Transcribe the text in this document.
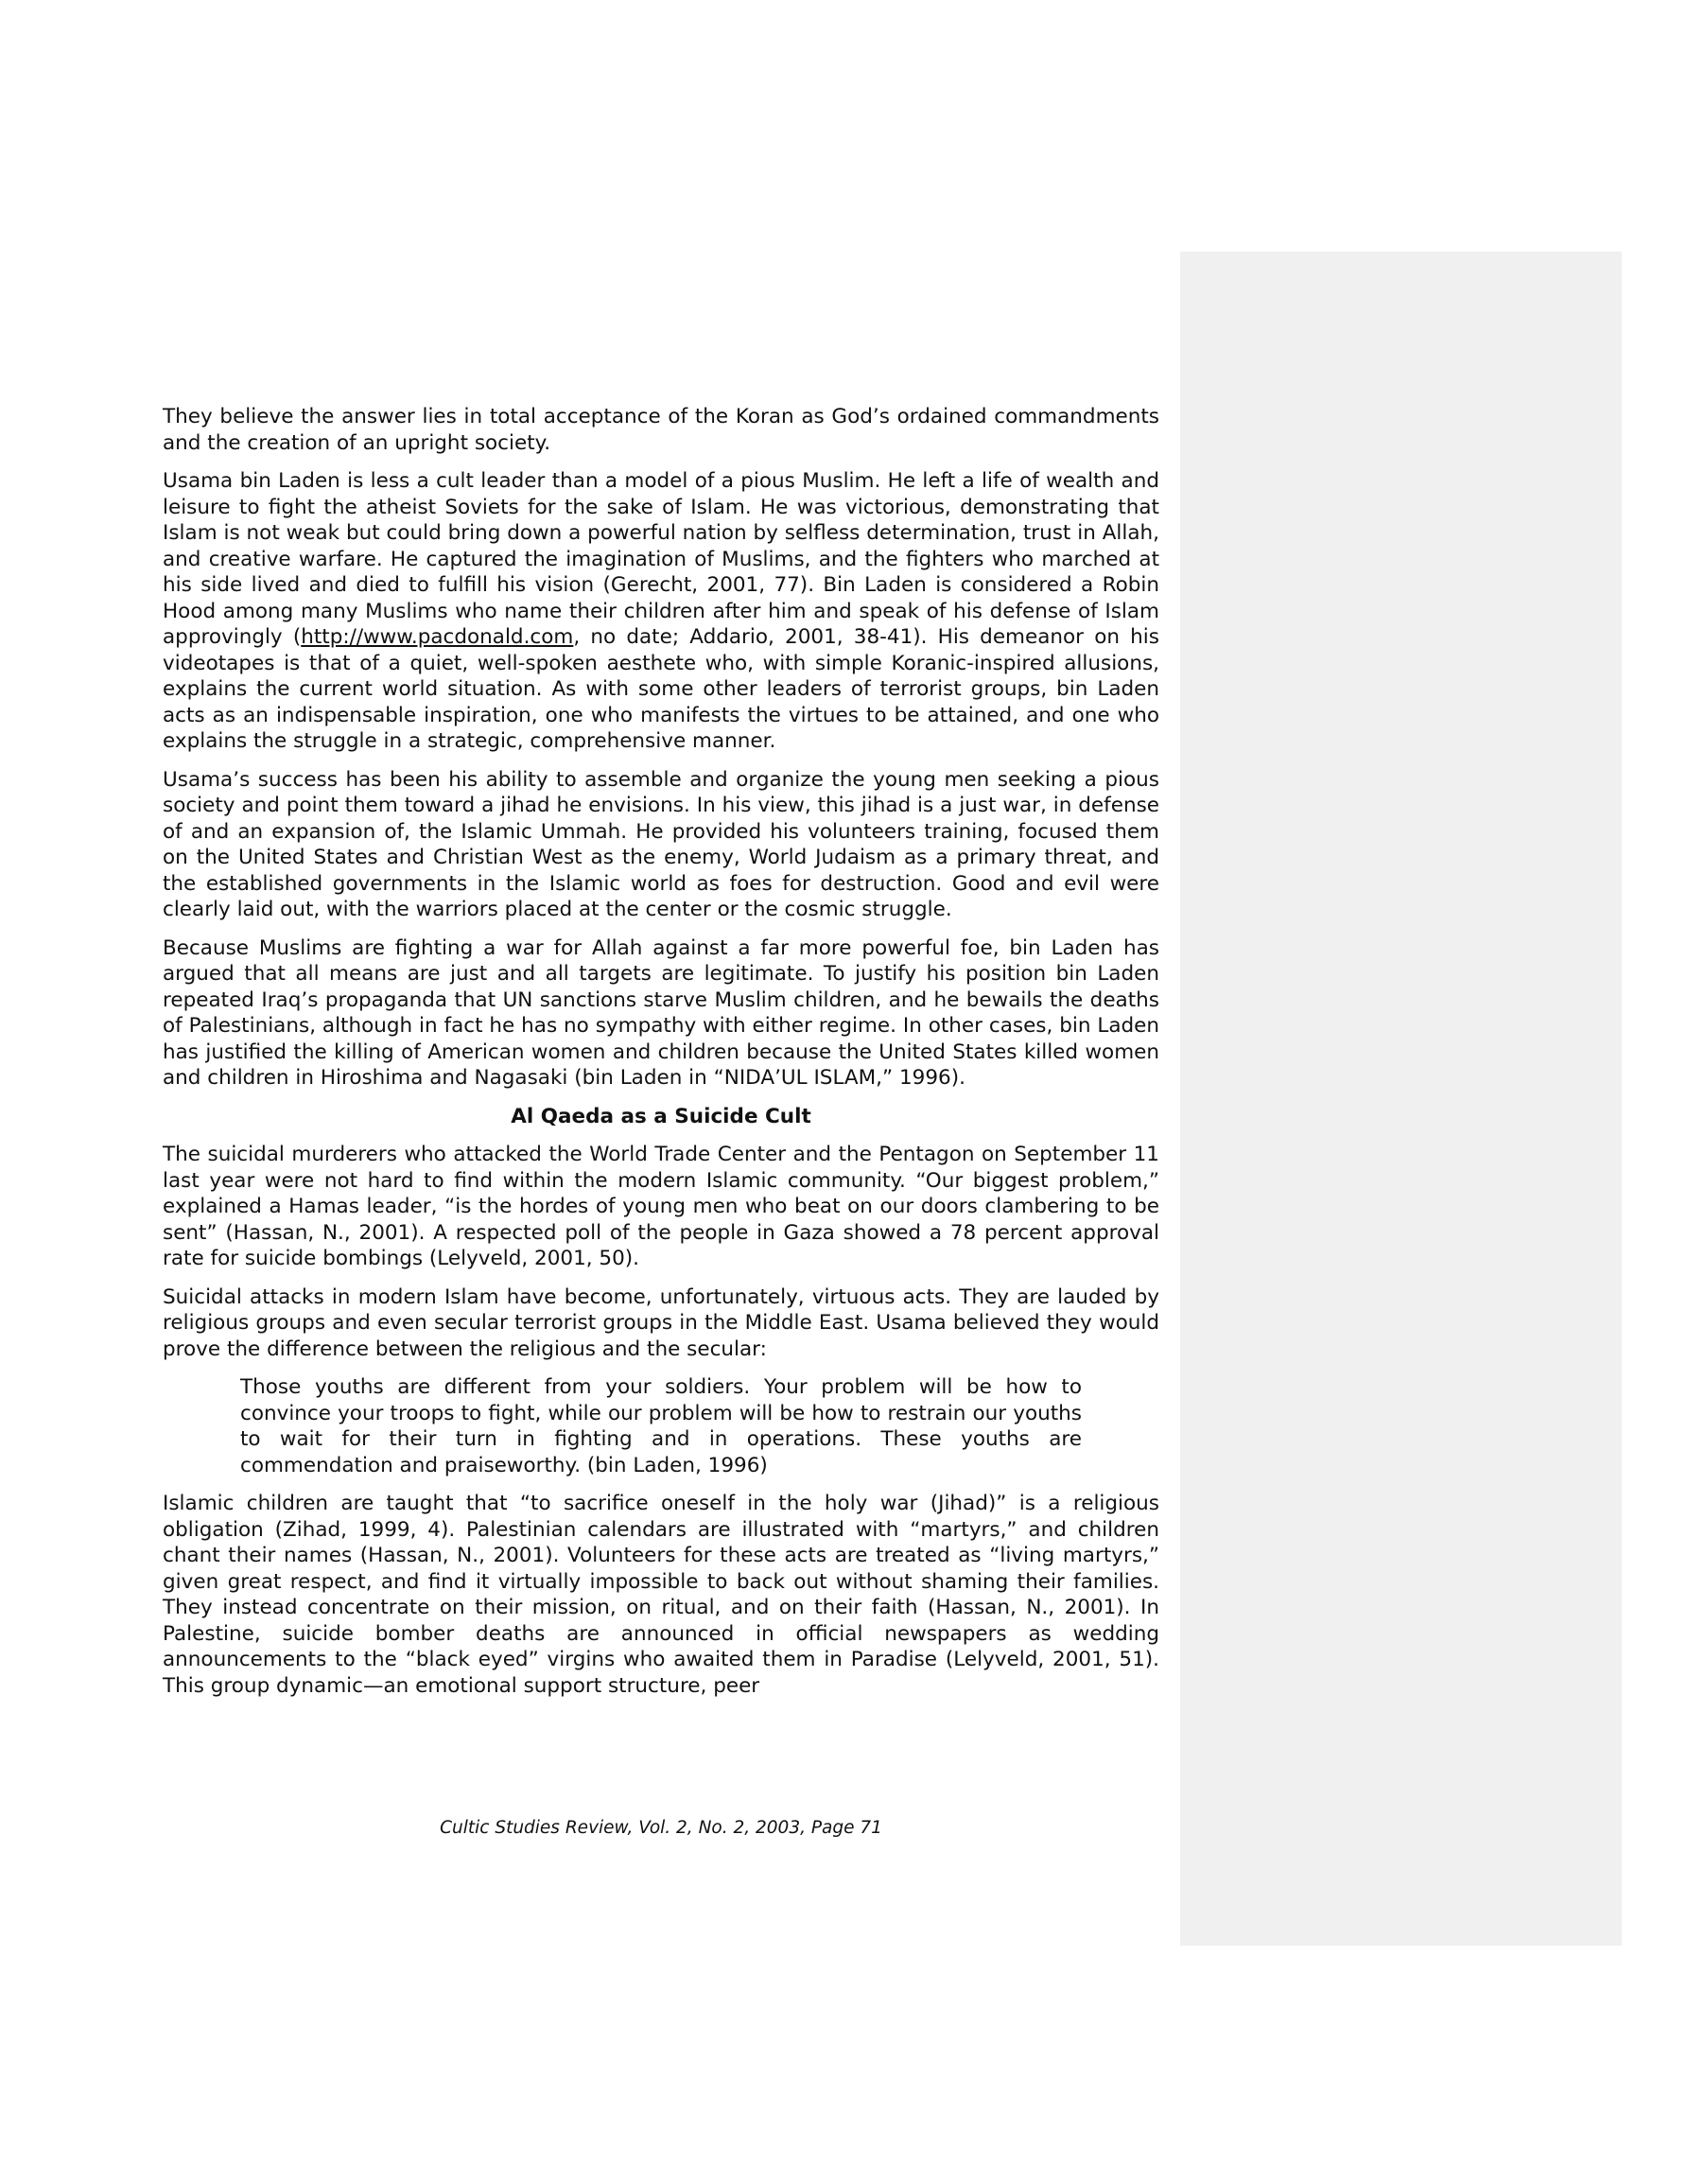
They believe the answer lies in total acceptance of the Koran as God’s ordained commandments and the creation of an upright society.

Usama bin Laden is less a cult leader than a model of a pious Muslim. He left a life of wealth and leisure to fight the atheist Soviets for the sake of Islam. He was victorious, demonstrating that Islam is not weak but could bring down a powerful nation by selfless determination, trust in Allah, and creative warfare. He captured the imagination of Muslims, and the fighters who marched at his side lived and died to fulfill his vision (Gerecht, 2001, 77). Bin Laden is considered a Robin Hood among many Muslims who name their children after him and speak of his defense of Islam approvingly (http://www.pacdonald.com, no date; Addario, 2001, 38-41). His demeanor on his videotapes is that of a quiet, well-spoken aesthete who, with simple Koranic-inspired allusions, explains the current world situation. As with some other leaders of terrorist groups, bin Laden acts as an indispensable inspiration, one who manifests the virtues to be attained, and one who explains the struggle in a strategic, comprehensive manner.

Usama’s success has been his ability to assemble and organize the young men seeking a pious society and point them toward a jihad he envisions. In his view, this jihad is a just war, in defense of and an expansion of, the Islamic Ummah. He provided his volunteers training, focused them on the United States and Christian West as the enemy, World Judaism as a primary threat, and the established governments in the Islamic world as foes for destruction. Good and evil were clearly laid out, with the warriors placed at the center or the cosmic struggle.

Because Muslims are fighting a war for Allah against a far more powerful foe, bin Laden has argued that all means are just and all targets are legitimate. To justify his position bin Laden repeated Iraq’s propaganda that UN sanctions starve Muslim children, and he bewails the deaths of Palestinians, although in fact he has no sympathy with either regime. In other cases, bin Laden has justified the killing of American women and children because the United States killed women and children in Hiroshima and Nagasaki (bin Laden in “NIDA’UL ISLAM,” 1996).

Al Qaeda as a Suicide Cult

The suicidal murderers who attacked the World Trade Center and the Pentagon on September 11 last year were not hard to find within the modern Islamic community. “Our biggest problem,” explained a Hamas leader, “is the hordes of young men who beat on our doors clambering to be sent” (Hassan, N., 2001). A respected poll of the people in Gaza showed a 78 percent approval rate for suicide bombings (Lelyveld, 2001, 50).

Suicidal attacks in modern Islam have become, unfortunately, virtuous acts. They are lauded by religious groups and even secular terrorist groups in the Middle East. Usama believed they would prove the difference between the religious and the secular:

Those youths are different from your soldiers. Your problem will be how to convince your troops to fight, while our problem will be how to restrain our youths to wait for their turn in fighting and in operations. These youths are commendation and praiseworthy. (bin Laden, 1996)

Islamic children are taught that “to sacrifice oneself in the holy war (Jihad)” is a religious obligation (Zihad, 1999, 4). Palestinian calendars are illustrated with “martyrs,” and children chant their names (Hassan, N., 2001). Volunteers for these acts are treated as “living martyrs,” given great respect, and find it virtually impossible to back out without shaming their families. They instead concentrate on their mission, on ritual, and on their faith (Hassan, N., 2001). In Palestine, suicide bomber deaths are announced in official newspapers as wedding announcements to the “black eyed” virgins who awaited them in Paradise (Lelyveld, 2001, 51). This group dynamic—an emotional support structure, peer

Cultic Studies Review, Vol. 2, No. 2, 2003, Page 71
